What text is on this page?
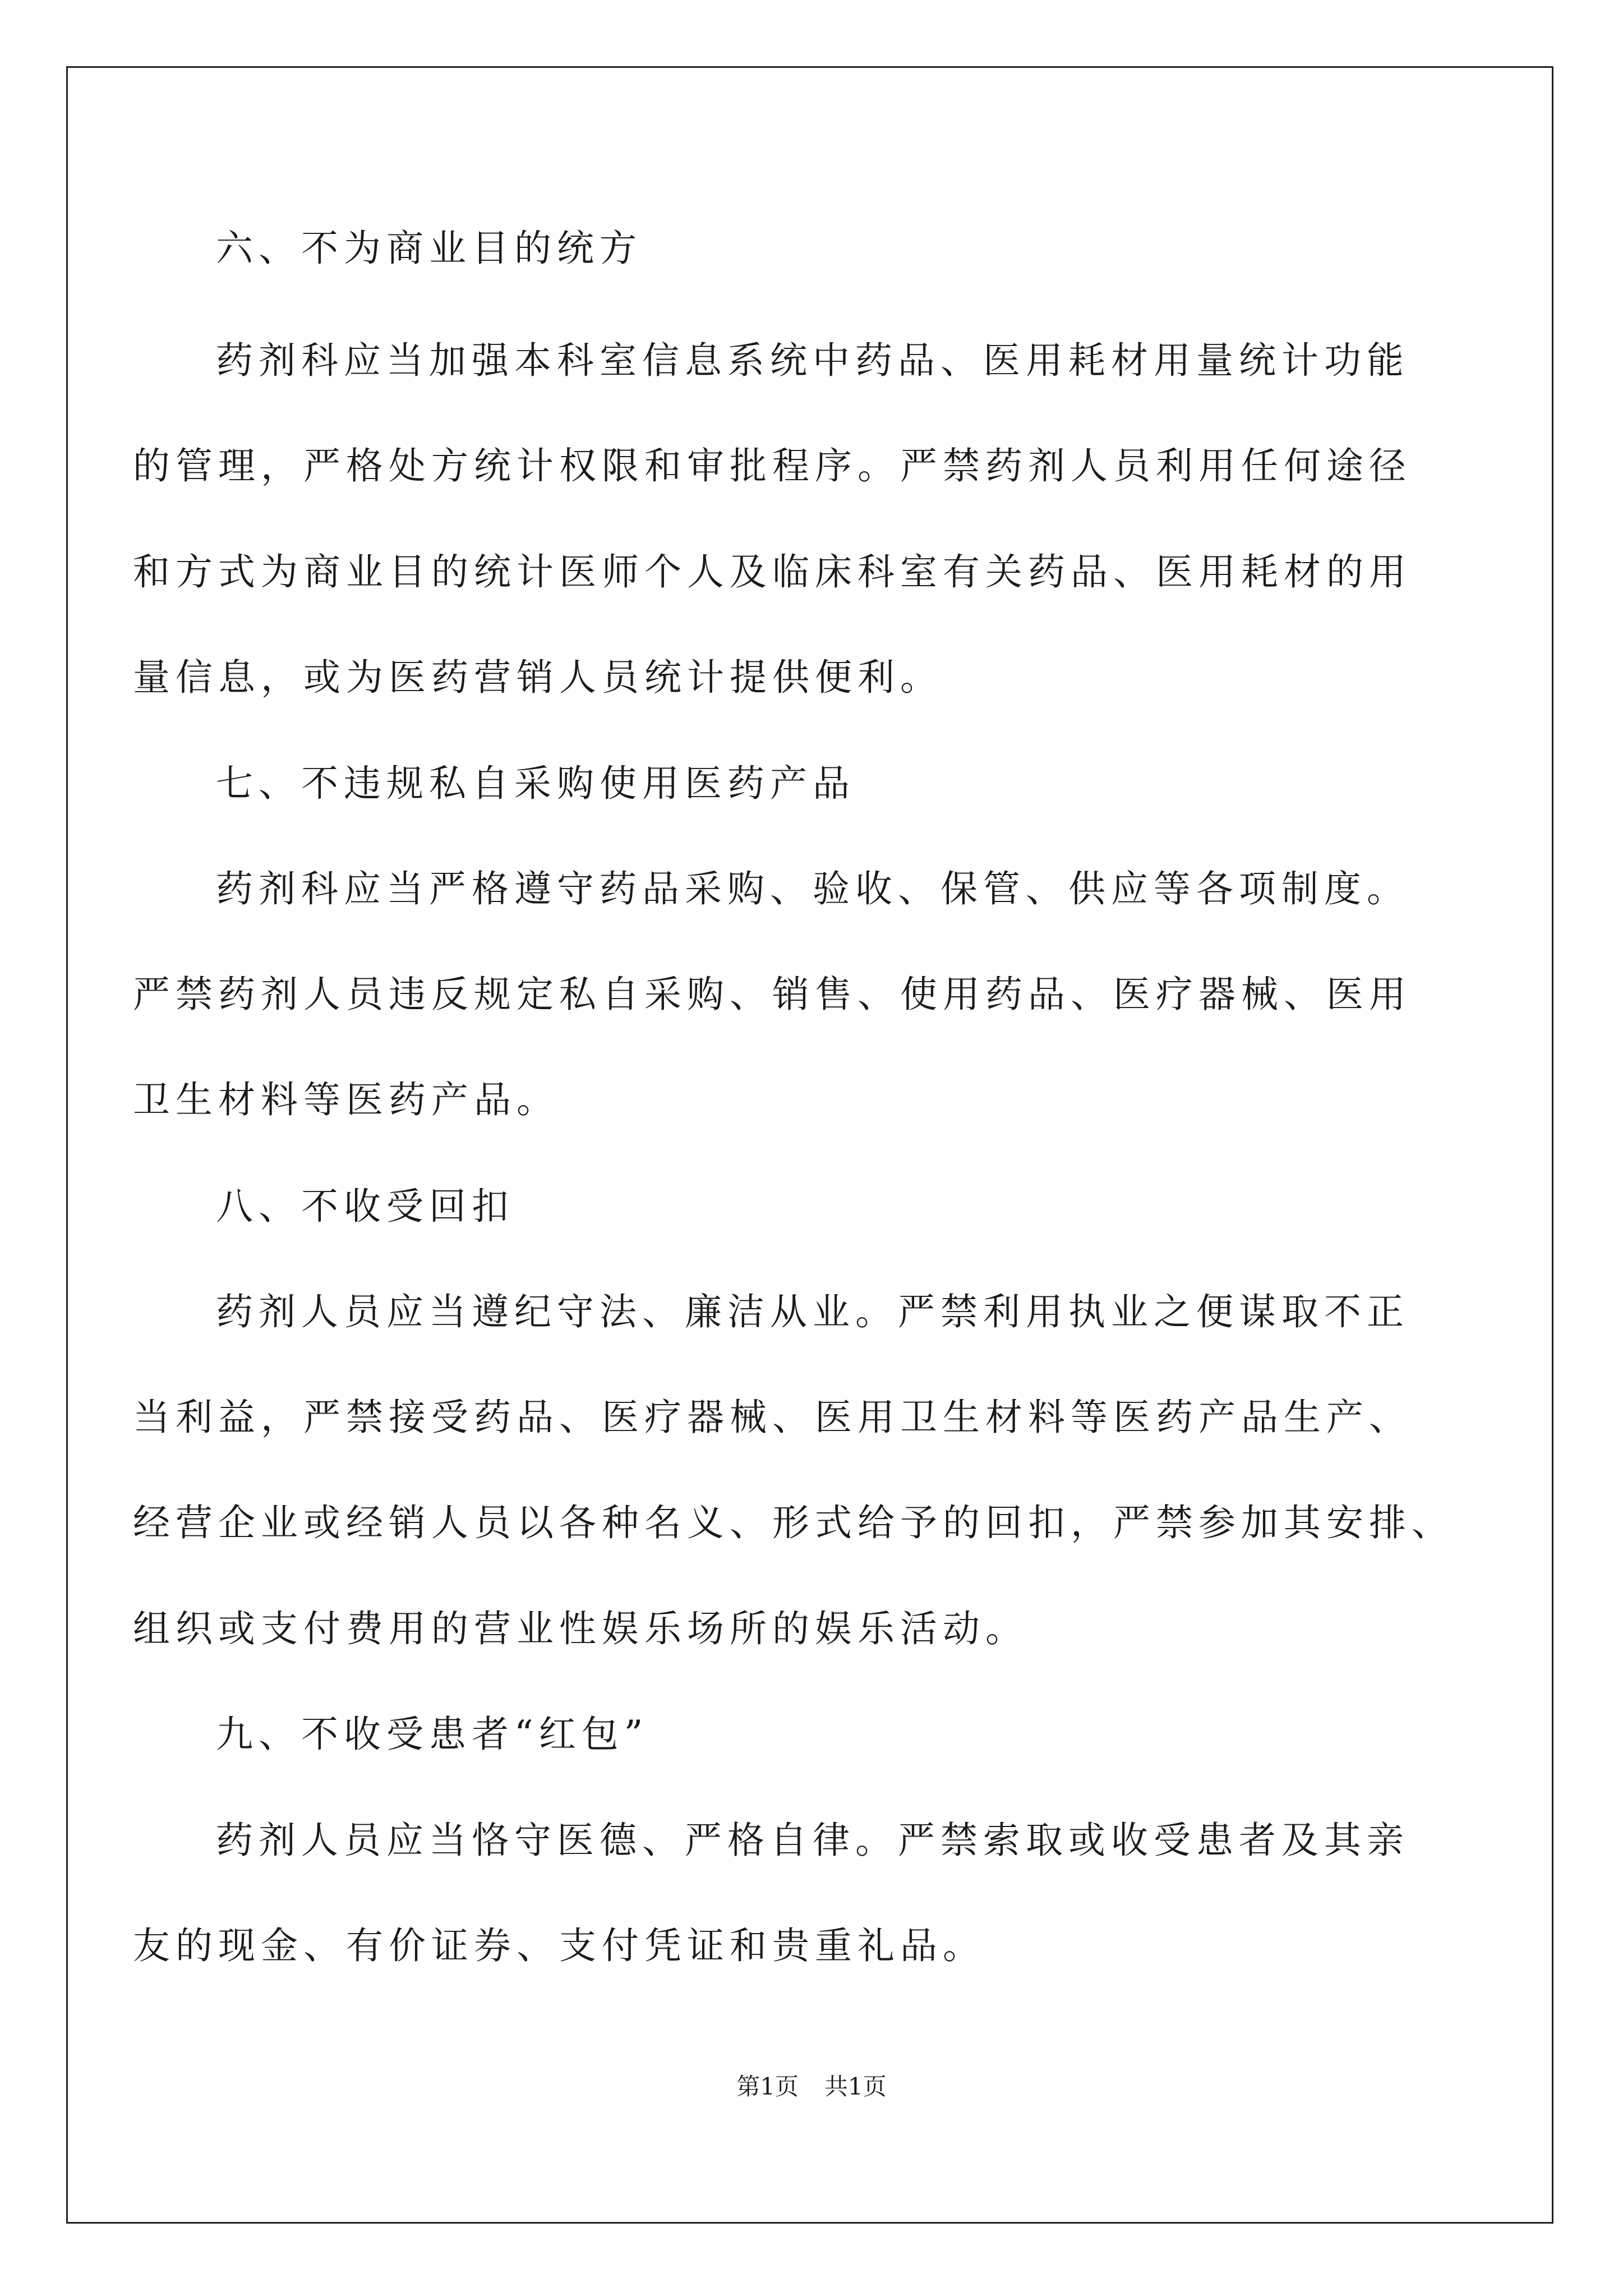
六、不为商业目的统方
药剂科应当加强本科室信息系统中药品、医用耗材用量统计功能
的管理，严格处方统计权限和审批程序。严禁药剂人员利用任何途径
和方式为商业目的统计医师个人及临床科室有关药品、医用耗材的用
量信息，或为医药营销人员统计提供便利。
七、不违规私自采购使用医药产品
药剂科应当严格遵守药品采购、验收、保管、供应等各项制度。
严禁药剂人员违反规定私自采购、销售、使用药品、医疗器械、医用
卫生材料等医药产品。
八、不收受回扣
药剂人员应当遵纪守法、廉洁从业。严禁利用执业之便谋取不正
当利益，严禁接受药品、医疗器械、医用卫生材料等医药产品生产、
经营企业或经销人员以各种名义、形式给予的回扣，严禁参加其安排、
组织或支付费用的营业性娱乐场所的娱乐活动。
九、不收受患者“红包”
药剂人员应当恪守医德、严格自律。严禁索取或收受患者及其亲
友的现金、有价证券、支付凭证和贵重礼品。
第1页 共1页
